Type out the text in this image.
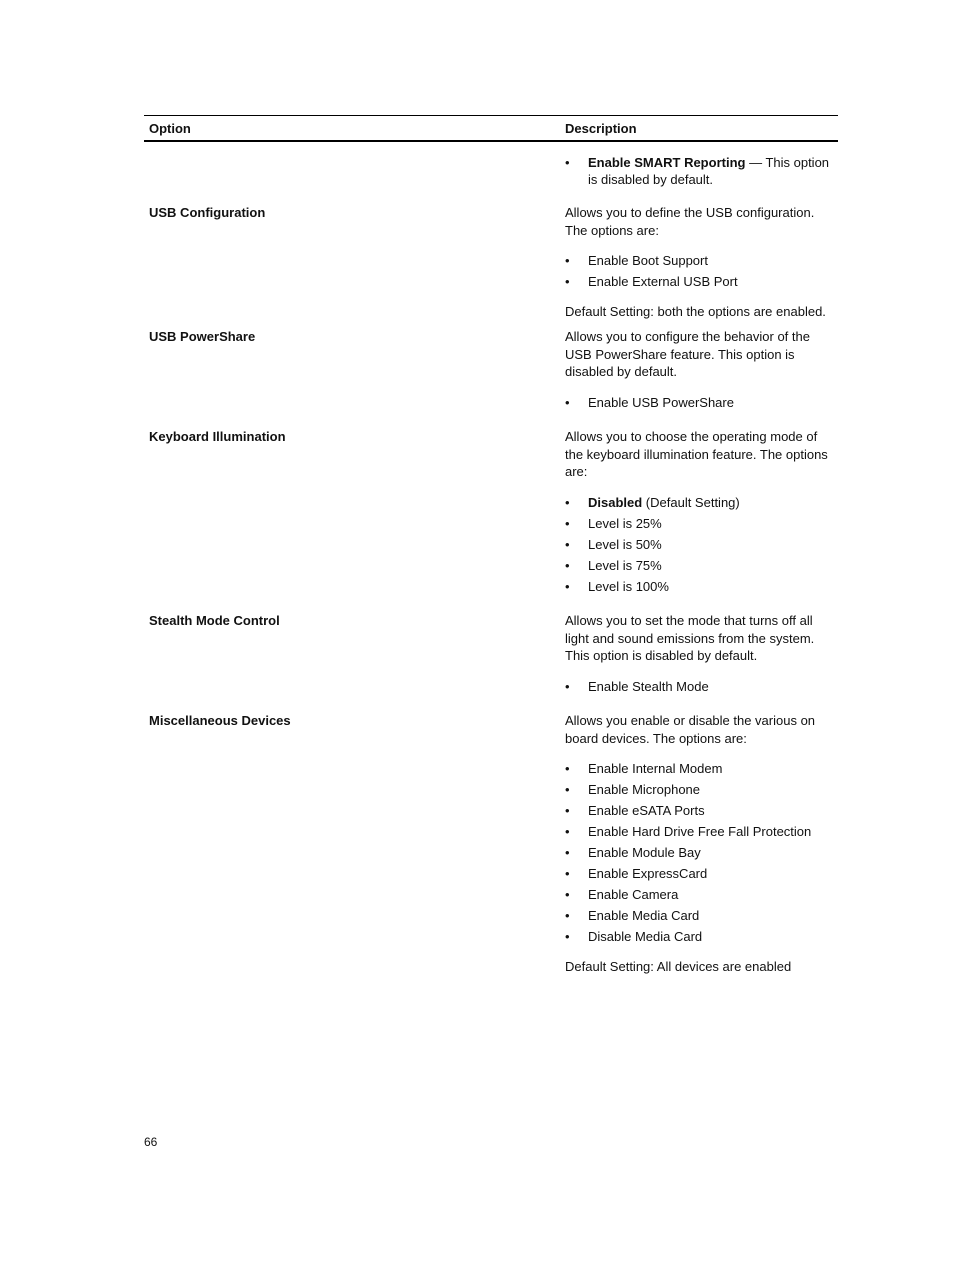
Option	Description
• Enable SMART Reporting — This option is disabled by default.
USB Configuration	Allows you to define the USB configuration. The options are:

• Enable Boot Support
• Enable External USB Port

Default Setting: both the options are enabled.

USB PowerShare	Allows you to configure the behavior of the USB PowerShare feature. This option is disabled by default.

• Enable USB PowerShare
Keyboard Illumination	Allows you to choose the operating mode of the keyboard illumination feature. The options are:

• Disabled (Default Setting)
• Level is 25%
• Level is 50%
• Level is 75%
• Level is 100%
Stealth Mode Control	Allows you to set the mode that turns off all light and sound emissions from the system. This option is disabled by default.

• Enable Stealth Mode
Miscellaneous Devices	Allows you enable or disable the various on board devices. The options are:

• Enable Internal Modem
• Enable Microphone
• Enable eSATA Ports
• Enable Hard Drive Free Fall Protection
• Enable Module Bay
• Enable ExpressCard
• Enable Camera
• Enable Media Card
• Disable Media Card

Default Setting: All devices are enabled

66
